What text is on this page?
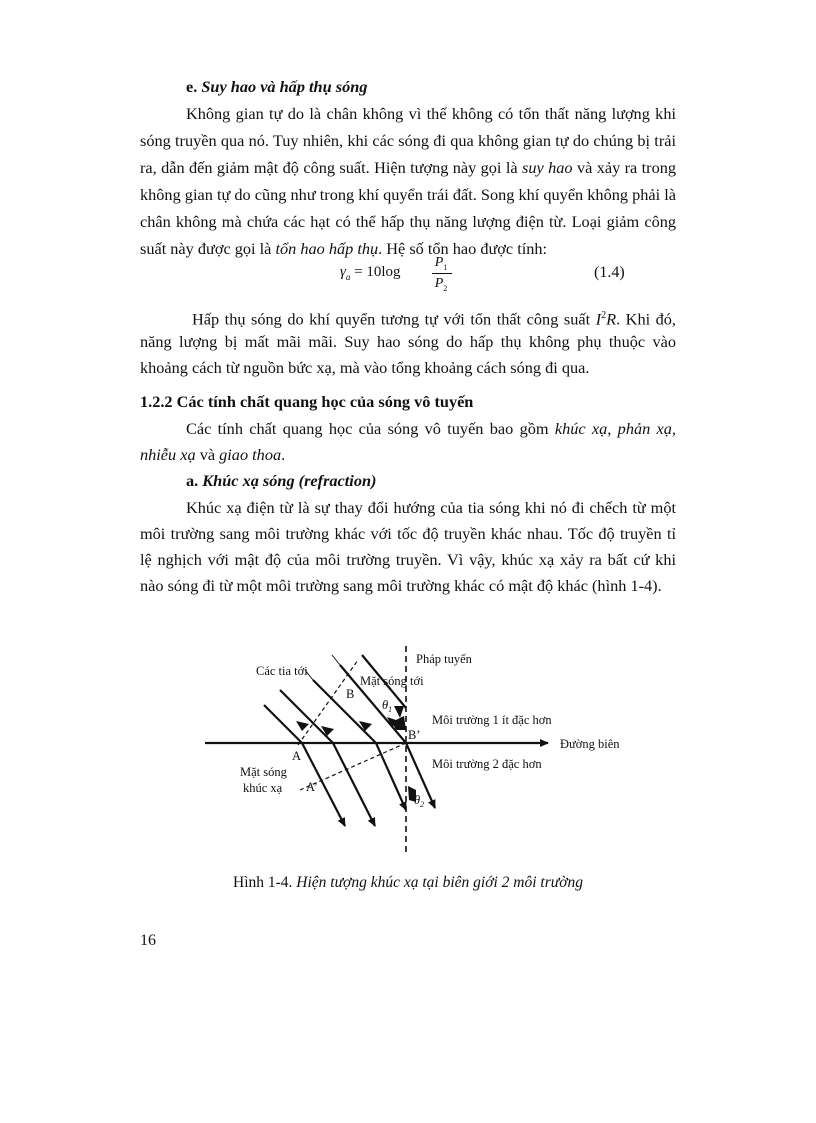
e. Suy hao và hấp thụ sóng
Không gian tự do là chân không vì thế không có tổn thất năng lượng khi
sóng truyền qua nó. Tuy nhiên, khi các sóng đi qua không gian tự do chúng bị trải
ra, dẫn đến giảm mật độ công suất. Hiện tượng này gọi là suy hao và xảy ra trong
không gian tự do cũng như trong khí quyển trái đất. Song khí quyển không phải là
chân không mà chứa các hạt có thể hấp thụ năng lượng điện từ. Loại giảm công
suất này được gọi là tổn hao hấp thụ. Hệ số tổn hao được tính:
$\gamma_a = 10\log$
$P_1$
$P_2$
(1.4)
Hấp thụ sóng do khí quyển tương tự với tổn thất công suất $I^2R$. Khi đó,
năng lượng bị mất mãi mãi. Suy hao sóng do hấp thụ không phụ thuộc vào
khoảng cách từ nguồn bức xạ, mà vào tổng khoảng cách sóng đi qua.
1.2.2 Các tính chất quang học của sóng vô tuyến
Các tính chất quang học của sóng vô tuyến bao gồm khúc xạ, phản xạ,
nhiễu xạ và giao thoa.
a. Khúc xạ sóng (refraction)
Khúc xạ điện từ là sự thay đổi hướng của tia sóng khi nó đi chếch từ một
môi trường sang môi trường khác với tốc độ truyền khác nhau. Tốc độ truyền tỉ
lệ nghịch với mật độ của môi trường truyền. Vì vậy, khúc xạ xảy ra bất cứ khi
nào sóng đi từ một môi trường sang môi trường khác có mật độ khác (hình 1-4).
Pháp tuyến
Các tia tới
Mặt sóng tới
B
$\theta_1$
Môi trường 1 ít đặc hơn
B’
Đường biên
A
Môi trường 2 đặc hơn
Mặt sóng
khúc xạ A’
$\theta_2$
Hình 1-4. Hiện tượng khúc xạ tại biên giới 2 môi trường
16
